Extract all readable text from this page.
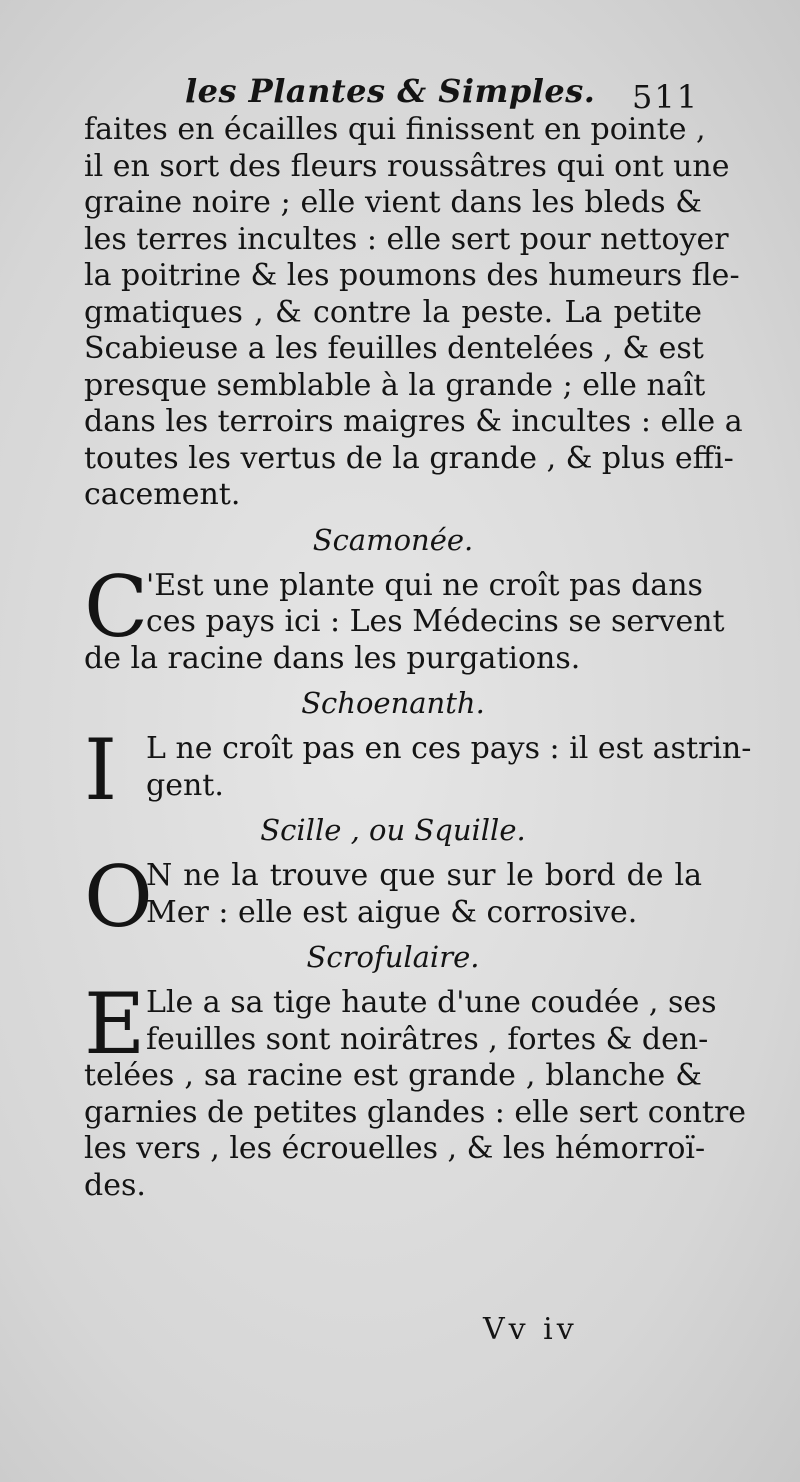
les Plantes & Simples. 511
faites en écailles qui finissent en pointe ,
il en sort des fleurs roussâtres qui ont une
graine noire ; elle vient dans les bleds &
les terres incultes : elle sert pour nettoyer
la poitrine & les poumons des humeurs fle-
gmatiques , & contre la peste. La petite
Scabieuse a les feuilles dentelées , & est
presque semblable à la grande ; elle naît
dans les terroirs maigres & incultes : elle a
toutes les vertus de la grande , & plus effi-
cacement.
Scamonée.
C
'Est une plante qui ne croît pas dans
ces pays ici : Les Médecins se servent
de la racine dans les purgations.
Schoenanth.
I L ne croît pas en ces pays : il est astrin-
gent.
Scille , ou Squille.
O
N ne la trouve que sur le bord de la
Mer : elle est aigue & corrosive.
Scrofulaire.
E Lle a sa tige haute d'une coudée , ses
feuilles sont noirâtres , fortes & den-
telées , sa racine est grande , blanche &
garnies de petites glandes : elle sert contre
les vers , les écrouelles , & les hémorroï-
des.
Vv iv
